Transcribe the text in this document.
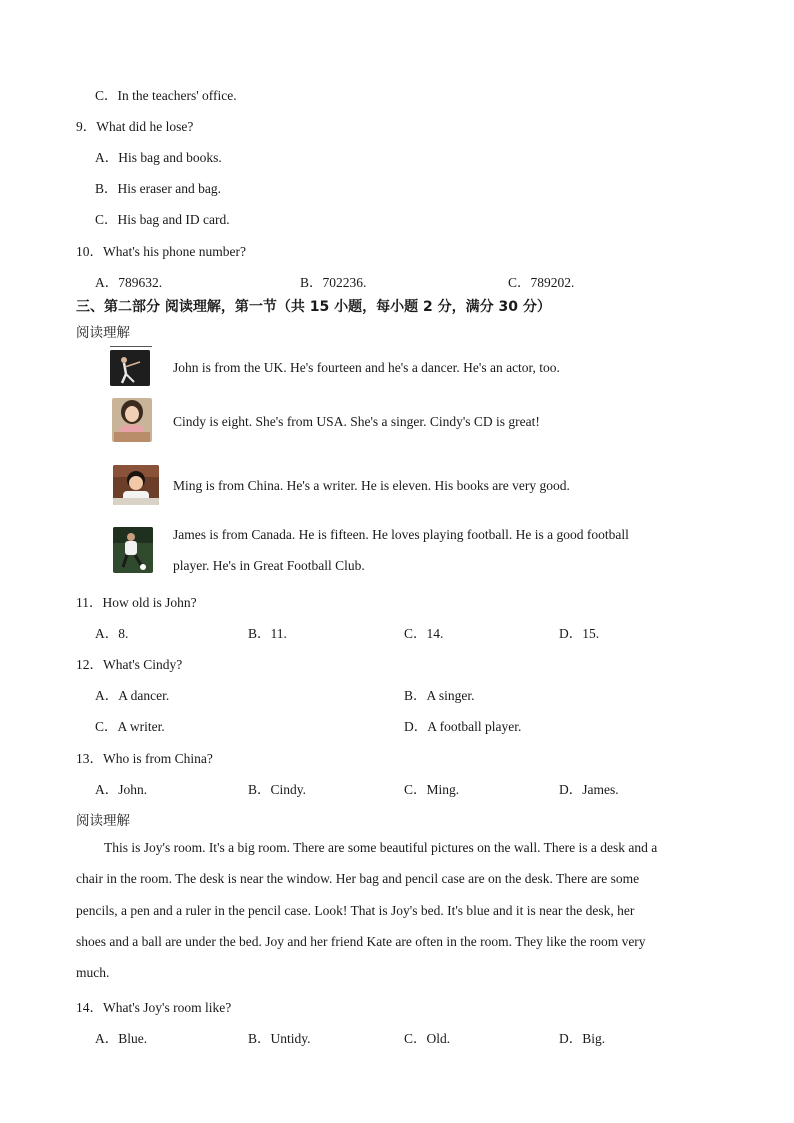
C．In the teachers' office.
9．What did he lose?
A．His bag and books.
B．His eraser and bag.
C．His bag and ID card.
10．What's his phone number?
A．789632.	B．702236.	C．789202.
三、第二部分 阅读理解，第一节（共 15 小题，每小题 2 分，满分 30 分）
阅读理解
John is from the UK. He's fourteen and he's a dancer. He's an actor, too.
Cindy is eight. She's from USA. She's a singer. Cindy's CD is great!
Ming is from China. He's a writer. He is eleven. His books are very good.
James is from Canada. He is fifteen. He loves playing football. He is a good football
player. He's in Great Football Club.
11．How old is John?
A．8.	B．11.	C．14.	D．15.
12．What's Cindy?
A．A dancer.	B．A singer.
C．A writer.	D．A football player.
13．Who is from China?
A．John.	B．Cindy.	C．Ming.	D．James.
阅读理解
This is Joy's room. It's a big room. There are some beautiful pictures on the wall. There is a desk and a
chair in the room. The desk is near the window. Her bag and pencil case are on the desk. There are some
pencils, a pen and a ruler in the pencil case. Look! That is Joy's bed. It's blue and it is near the desk, her
shoes and a ball are under the bed. Joy and her friend Kate are often in the room. They like the room very
much.
14．What's Joy's room like?
A．Blue.	B．Untidy.	C．Old.	D．Big.
